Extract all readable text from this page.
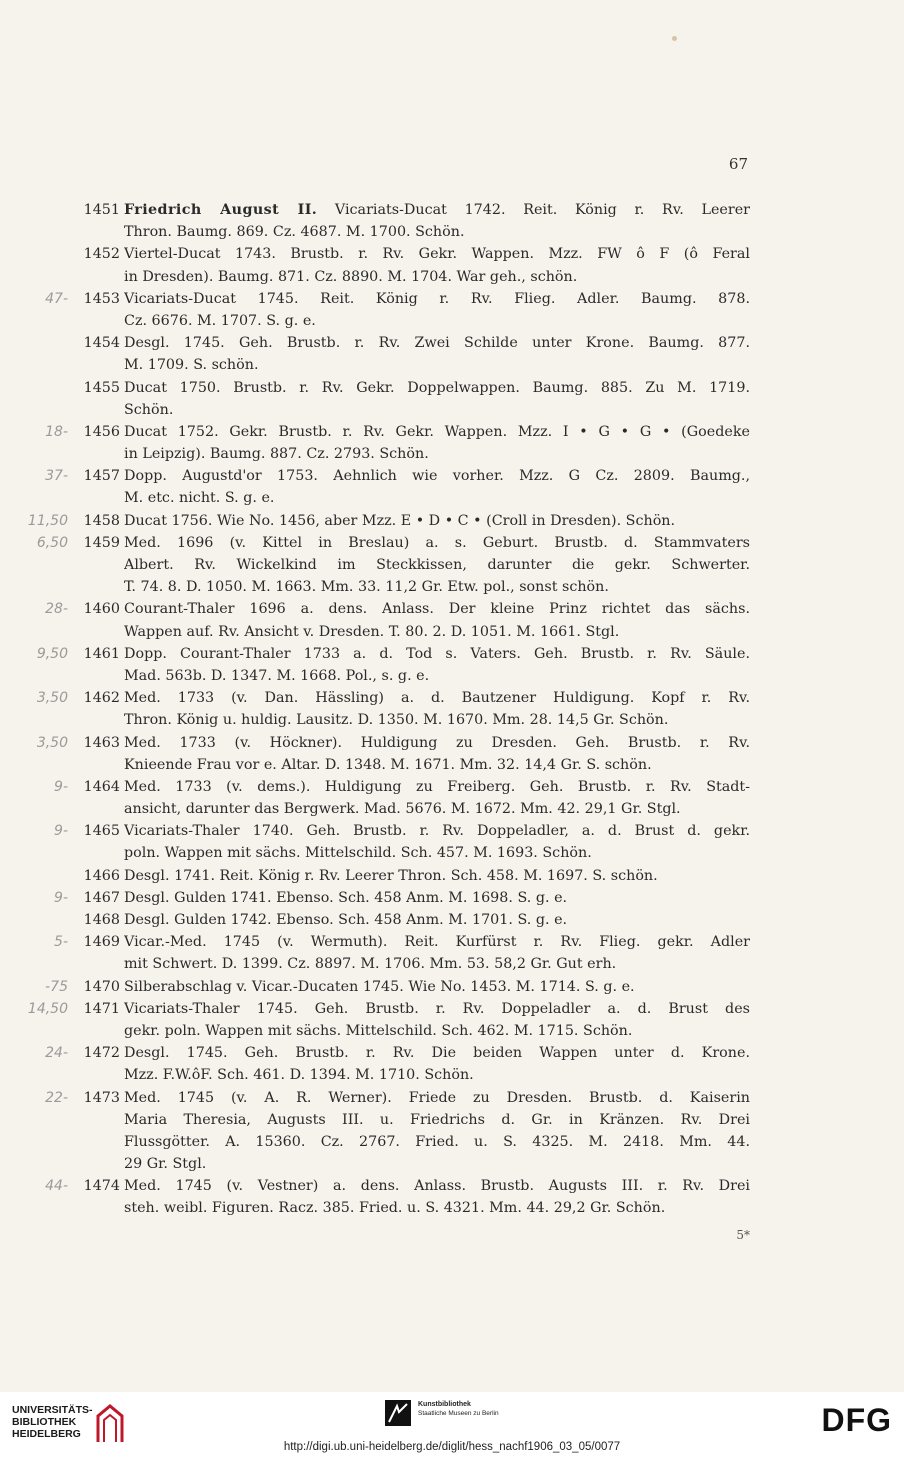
67
1451 Friedrich August II. Vicariats-Ducat 1742. Reit. König r. Rv. Leerer
Thron. Baumg. 869. Cz. 4687. M. 1700. Schön.
1452 Viertel-Ducat 1743. Brustb. r. Rv. Gekr. Wappen. Mzz. FW ô F (ô Feral
in Dresden). Baumg. 871. Cz. 8890. M. 1704. War geh., schön.
47-	1453 Vicariats-Ducat 1745. Reit. König r. Rv. Flieg. Adler. Baumg. 878.
Cz. 6676. M. 1707. S. g. e.
1454 Desgl. 1745. Geh. Brustb. r. Rv. Zwei Schilde unter Krone. Baumg. 877.
M. 1709. S. schön.
1455 Ducat 1750. Brustb. r. Rv. Gekr. Doppelwappen. Baumg. 885. Zu M. 1719.
Schön.
18-	1456 Ducat 1752. Gekr. Brustb. r. Rv. Gekr. Wappen. Mzz. I • G • G • (Goedeke
in Leipzig). Baumg. 887. Cz. 2793. Schön.
37-	1457 Dopp. Augustd'or 1753. Aehnlich wie vorher. Mzz. G Cz. 2809. Baumg.,
M. etc. nicht. S. g. e.
11,50	1458 Ducat 1756. Wie No. 1456, aber Mzz. E • D • C • (Croll in Dresden). Schön.
6,50	1459 Med. 1696 (v. Kittel in Breslau) a. s. Geburt. Brustb. d. Stammvaters
Albert. Rv. Wickelkind im Steckkissen, darunter die gekr. Schwerter.
T. 74. 8. D. 1050. M. 1663. Mm. 33. 11,2 Gr. Etw. pol., sonst schön.
28-	1460 Courant-Thaler 1696 a. dens. Anlass. Der kleine Prinz richtet das sächs.
Wappen auf. Rv. Ansicht v. Dresden. T. 80. 2. D. 1051. M. 1661. Stgl.
9,50	1461 Dopp. Courant-Thaler 1733 a. d. Tod s. Vaters. Geh. Brustb. r. Rv. Säule.
Mad. 563b. D. 1347. M. 1668. Pol., s. g. e.
3,50	1462 Med. 1733 (v. Dan. Hässling) a. d. Bautzener Huldigung. Kopf r. Rv.
Thron. König u. huldig. Lausitz. D. 1350. M. 1670. Mm. 28. 14,5 Gr. Schön.
3,50	1463 Med. 1733 (v. Höckner). Huldigung zu Dresden. Geh. Brustb. r. Rv.
Knieende Frau vor e. Altar. D. 1348. M. 1671. Mm. 32. 14,4 Gr. S. schön.
9-	1464 Med. 1733 (v. dems.). Huldigung zu Freiberg. Geh. Brustb. r. Rv. Stadt-
ansicht, darunter das Bergwerk. Mad. 5676. M. 1672. Mm. 42. 29,1 Gr. Stgl.
9-	1465 Vicariats-Thaler 1740. Geh. Brustb. r. Rv. Doppeladler, a. d. Brust d. gekr.
poln. Wappen mit sächs. Mittelschild. Sch. 457. M. 1693. Schön.
1466 Desgl. 1741. Reit. König r. Rv. Leerer Thron. Sch. 458. M. 1697. S. schön.
9-	1467 Desgl. Gulden 1741. Ebenso. Sch. 458 Anm. M. 1698. S. g. e.
1468 Desgl. Gulden 1742. Ebenso. Sch. 458 Anm. M. 1701. S. g. e.
5-	1469 Vicar.-Med. 1745 (v. Wermuth). Reit. Kurfürst r. Rv. Flieg. gekr. Adler
mit Schwert. D. 1399. Cz. 8897. M. 1706. Mm. 53. 58,2 Gr. Gut erh.
-75	1470 Silberabschlag v. Vicar.-Ducaten 1745. Wie No. 1453. M. 1714. S. g. e.
14,50	1471 Vicariats-Thaler 1745. Geh. Brustb. r. Rv. Doppeladler a. d. Brust des
gekr. poln. Wappen mit sächs. Mittelschild. Sch. 462. M. 1715. Schön.
24-	1472 Desgl. 1745. Geh. Brustb. r. Rv. Die beiden Wappen unter d. Krone.
Mzz. F.W.ôF. Sch. 461. D. 1394. M. 1710. Schön.
22-	1473 Med. 1745 (v. A. R. Werner). Friede zu Dresden. Brustb. d. Kaiserin
Maria Theresia, Augusts III. u. Friedrichs d. Gr. in Kränzen. Rv. Drei
Flussgötter. A. 15360. Cz. 2767. Fried. u. S. 4325. M. 2418. Mm. 44.
29 Gr. Stgl.
44-	1474 Med. 1745 (v. Vestner) a. dens. Anlass. Brustb. Augusts III. r. Rv. Drei
steh. weibl. Figuren. Racz. 385. Fried. u. S. 4321. Mm. 44. 29,2 Gr. Schön.
5*
UNIVERSITÄTS-
BIBLIOTHEK
HEIDELBERG
Kunstbibliothek
Staatliche Museen zu Berlin	DFG
http://digi.ub.uni-heidelberg.de/diglit/hess_nachf1906_03_05/0077
